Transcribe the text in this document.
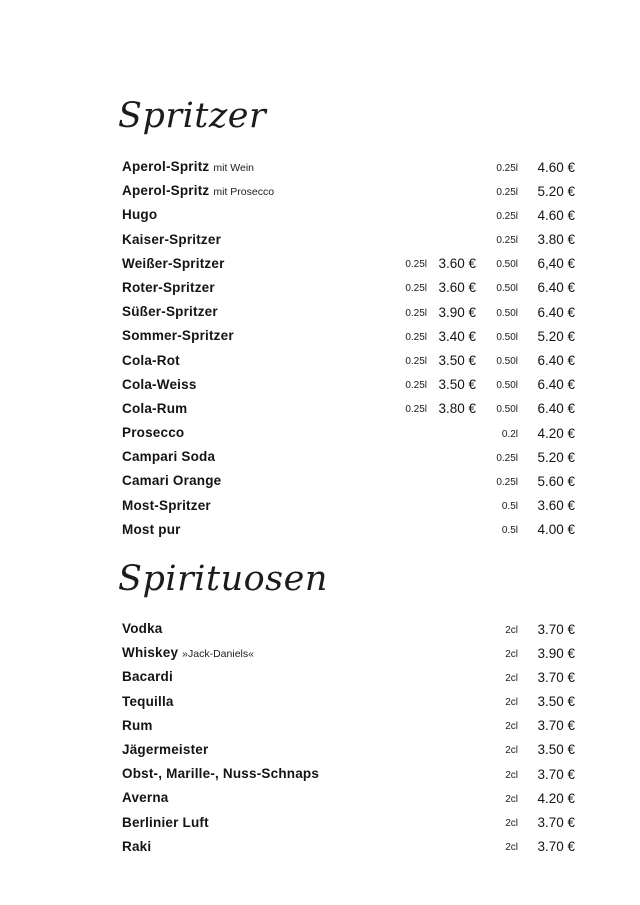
Spritzer
Aperol-Spritz mit Wein	0.25l 4.60 €
Aperol-Spritz mit Prosecco	0.25l 5.20 €
Hugo	0.25l 4.60 €
Kaiser-Spritzer	0.25l 3.80 €
Weißer-Spritzer	0.25l 3.60 € 0.50l 6,40 €
Roter-Spritzer	0.25l 3.60 € 0.50l 6.40 €
Süßer-Spritzer	0.25l 3.90 € 0.50l 6.40 €
Sommer-Spritzer	0.25l 3.40 € 0.50l 5.20 €
Cola-Rot	0.25l 3.50 € 0.50l 6.40 €
Cola-Weiss	0.25l 3.50 € 0.50l 6.40 €
Cola-Rum	0.25l 3.80 € 0.50l 6.40 €
Prosecco	0.2l 4.20 €
Campari Soda	0.25l 5.20 €
Camari Orange	0.25l 5.60 €
Most-Spritzer	0.5l 3.60 €
Most pur	0.5l 4.00 €
Spirituosen
Vodka	2cl 3.70 €
Whiskey »Jack-Daniels«	2cl 3.90 €
Bacardi	2cl 3.70 €
Tequilla	2cl 3.50 €
Rum	2cl 3.70 €
Jägermeister	2cl 3.50 €
Obst-, Marille-, Nuss-Schnaps	2cl 3.70 €
Averna	2cl 4.20 €
Berlinier Luft	2cl 3.70 €
Raki	2cl 3.70 €
